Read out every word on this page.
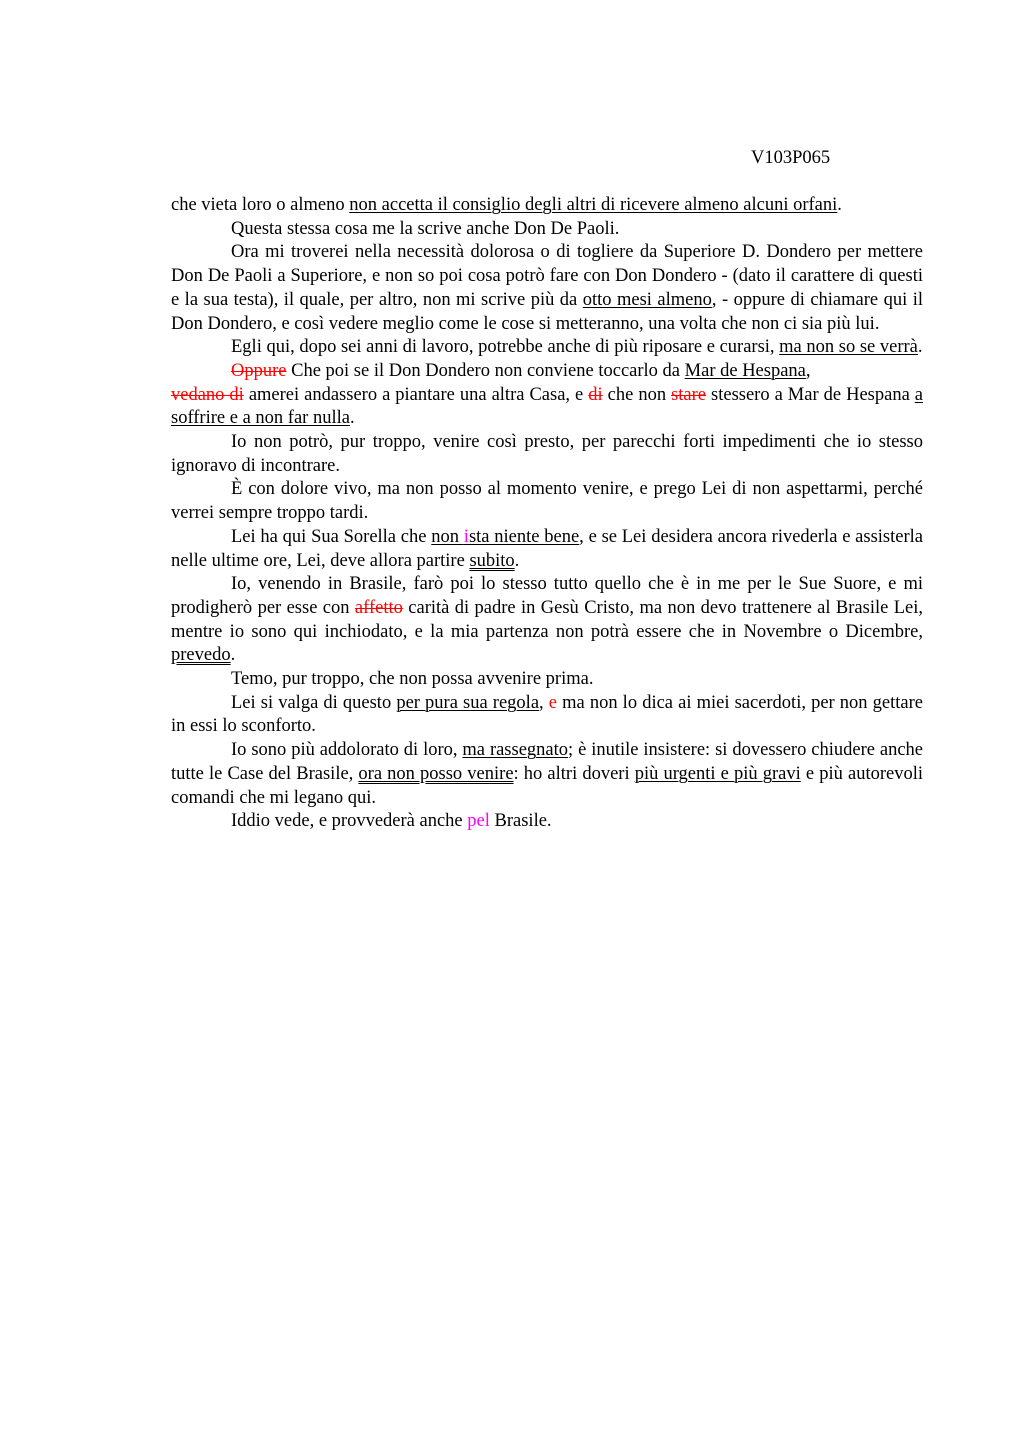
V103P065

che vieta loro o almeno non accetta il consiglio degli altri di ricevere almeno alcuni orfani.

Questa stessa cosa me la scrive anche Don De Paoli.

Ora mi troverei nella necessità dolorosa o di togliere da Superiore D. Dondero per mettere Don De Paoli a Superiore, e non so poi cosa potrò fare con Don Dondero - (dato il carattere di questi e la sua testa), il quale, per altro, non mi scrive più da otto mesi almeno, - oppure di chiamare qui il Don Dondero, e così vedere meglio come le cose si metteranno, una volta che non ci sia più lui.

Egli qui, dopo sei anni di lavoro, potrebbe anche di più riposare e curarsi, ma non so se verrà.

Oppure Che poi se il Don Dondero non conviene toccarlo da Mar de Hespana,
vedano di amerei andassero a piantare una altra Casa, e di che non stare stessero a Mar de Hespana a soffrire e a non far nulla.

Io non potrò, pur troppo, venire così presto, per parecchi forti impedimenti che io stesso ignoravo di incontrare.

È con dolore vivo, ma non posso al momento venire, e prego Lei di non aspettarmi, perché verrei sempre troppo tardi.

Lei ha qui Sua Sorella che non ista niente bene, e se Lei desidera ancora rivederla e assisterla nelle ultime ore, Lei, deve allora partire subito.

Io, venendo in Brasile, farò poi lo stesso tutto quello che è in me per le Sue Suore, e mi prodigherò per esse con affetto carità di padre in Gesù Cristo, ma non devo trattenere al Brasile Lei, mentre io sono qui inchiodato, e la mia partenza non potrà essere che in Novembre o Dicembre, prevedo.

Temo, pur troppo, che non possa avvenire prima.

Lei si valga di questo per pura sua regola, e ma non lo dica ai miei sacerdoti, per non gettare in essi lo sconforto.

Io sono più addolorato di loro, ma rassegnato; è inutile insistere: si dovessero chiudere anche tutte le Case del Brasile, ora non posso venire: ho altri doveri più urgenti e più gravi e più autorevoli comandi che mi legano qui.

Iddio vede, e provvederà anche pel Brasile.
